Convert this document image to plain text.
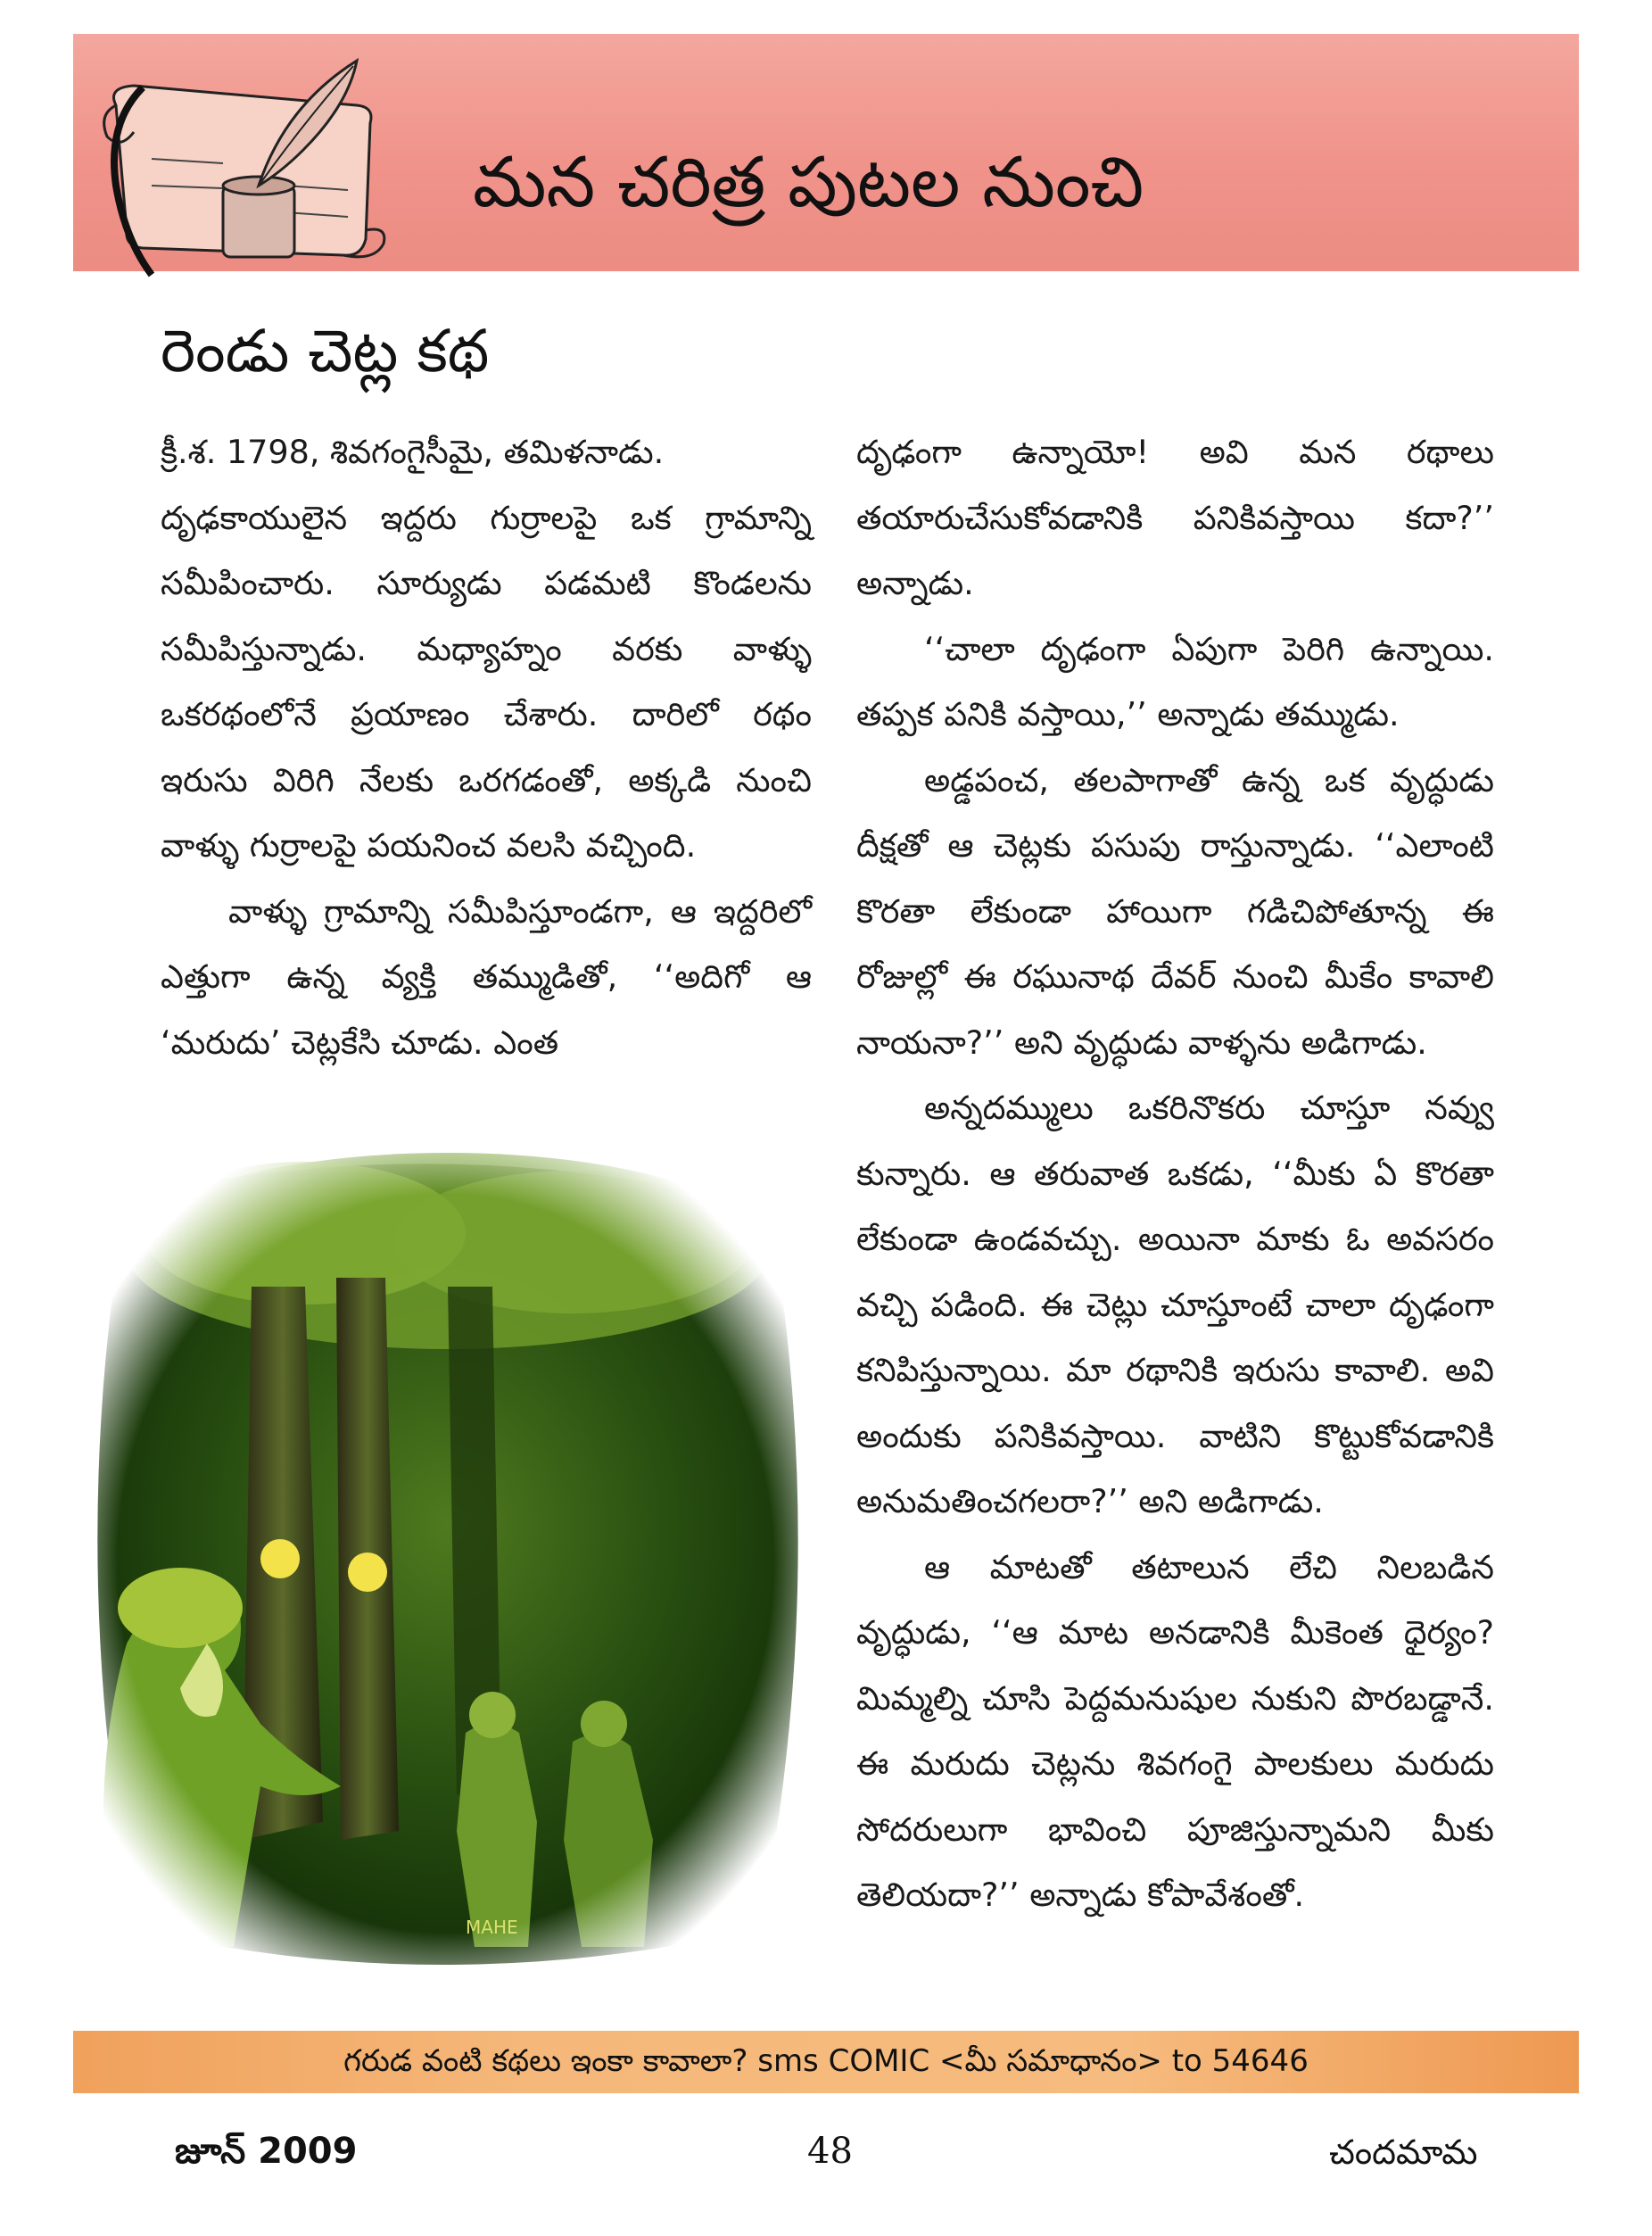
మన చరిత్ర పుటల నుంచి
రెండు చెట్ల కథ

క్రీ.శ. 1798, శివగంగైసీమై, తమిళనాడు.

దృఢకాయులైన ఇద్దరు గుర్రాలపై ఒక గ్రామాన్ని సమీపించారు. సూర్యుడు పడమటి కొండలను సమీపిస్తున్నాడు. మధ్యాహ్నం వరకు వాళ్ళు ఒకరథంలోనే ప్రయాణం చేశారు. దారిలో రథం ఇరుసు విరిగి నేలకు ఒరగడంతో, అక్కడి నుంచి వాళ్ళు గుర్రాలపై పయనించ వలసి వచ్చింది.

వాళ్ళు గ్రామాన్ని సమీపిస్తూండగా, ఆ ఇద్దరిలో ఎత్తుగా ఉన్న వ్యక్తి తమ్ముడితో, ‘‘అదిగో ఆ ‘మరుదు’ చెట్లకేసి చూడు. ఎంత

దృఢంగా ఉన్నాయో! అవి మన రథాలు తయారుచేసుకోవడానికి పనికివస్తాయి కదా?’’ అన్నాడు.

‘‘చాలా దృఢంగా ఏపుగా పెరిగి ఉన్నాయి. తప్పక పనికి వస్తాయి,’’ అన్నాడు తమ్ముడు.

అడ్డపంచ, తలపాగాతో ఉన్న ఒక వృద్ధుడు దీక్షతో ఆ చెట్లకు పసుపు రాస్తున్నాడు. ‘‘ఎలాంటి కొరతా లేకుండా హాయిగా గడిచిపోతూన్న ఈ రోజుల్లో ఈ రఘునాథ దేవర్ నుంచి మీకేం కావాలి నాయనా?’’ అని వృద్ధుడు వాళ్ళను అడిగాడు.

అన్నదమ్ములు ఒకరినొకరు చూస్తూ నవ్వు కున్నారు. ఆ తరువాత ఒకడు, ‘‘మీకు ఏ కొరతా లేకుండా ఉండవచ్చు. అయినా మాకు ఓ అవసరం వచ్చి పడింది. ఈ చెట్లు చూస్తూంటే చాలా దృఢంగా కనిపిస్తున్నాయి. మా రథానికి ఇరుసు కావాలి. అవి అందుకు పనికివస్తాయి. వాటిని కొట్టుకోవడానికి అనుమతించగలరా?’’ అని అడిగాడు.

ఆ మాటతో తటాలున లేచి నిలబడిన వృద్ధుడు, ‘‘ఆ మాట అనడానికి మీకెంత ధైర్యం? మిమ్మల్ని చూసి పెద్దమనుషుల నుకుని పొరబడ్డానే. ఈ మరుదు చెట్లను శివగంగై పాలకులు మరుదు సోదరులుగా భావించి పూజిస్తున్నామని మీకు తెలియదా?’’ అన్నాడు కోపావేశంతో.

గరుడ వంటి కథలు ఇంకా కావాలా? sms COMIC <మీ సమాధానం> to 54646
జూన్ 2009	48	చందమామ
